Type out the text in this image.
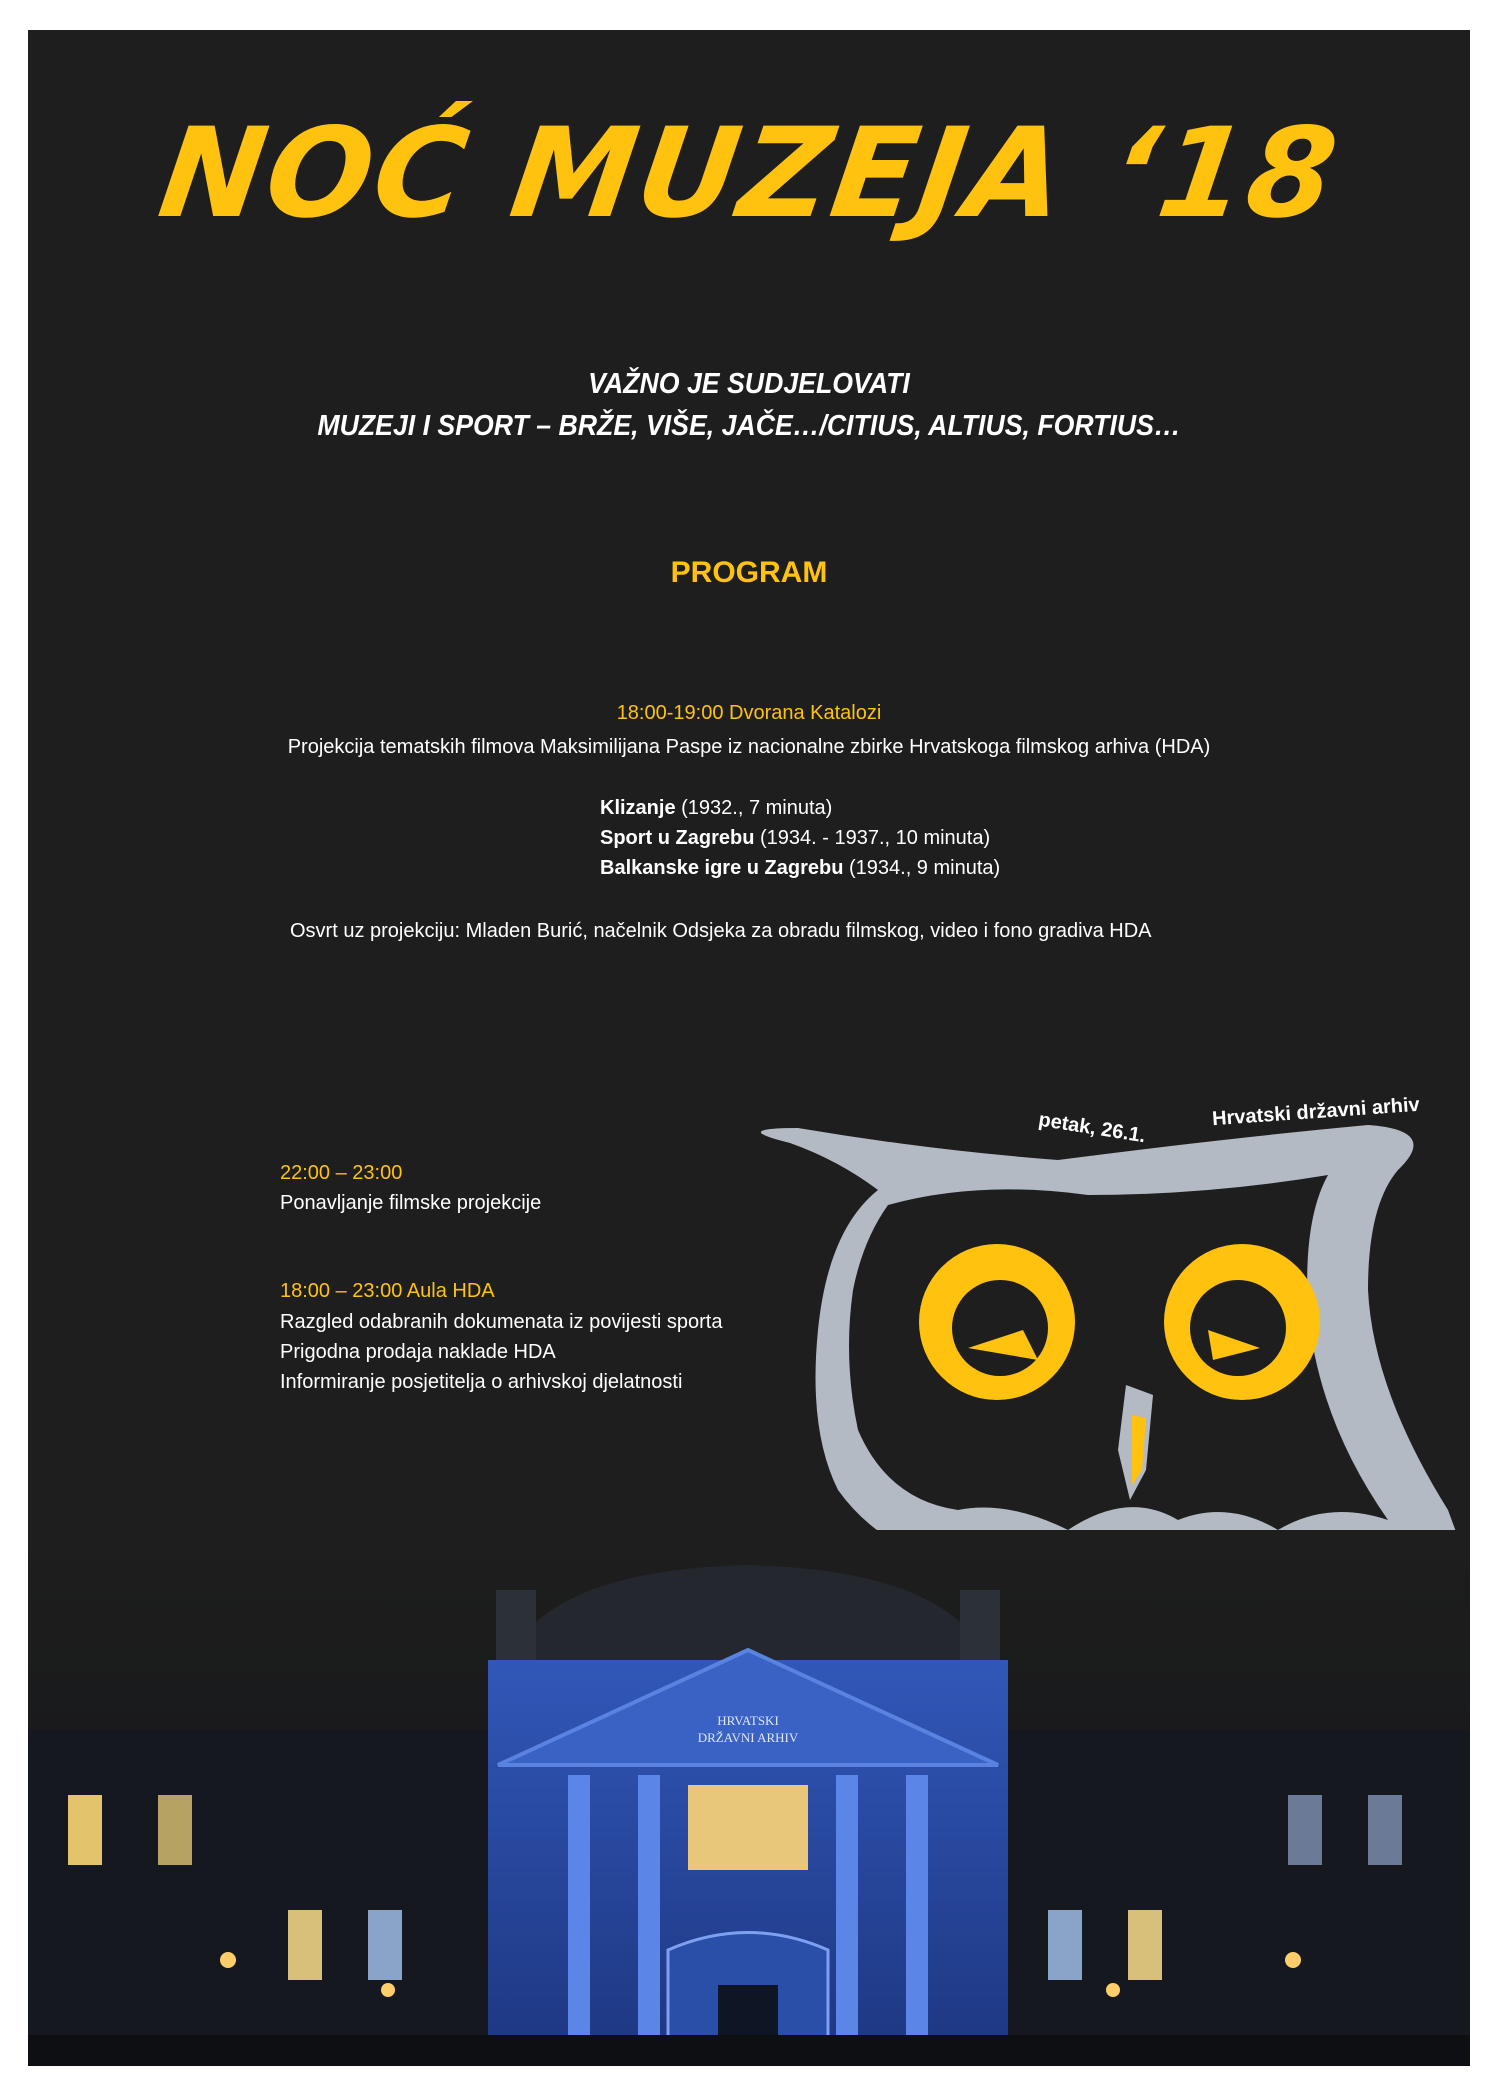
NOĆ MUZEJA ‘18

VAŽNO JE SUDJELOVATI

MUZEJI I SPORT – BRŽE, VIŠE, JAČE…/CITIUS, ALTIUS, FORTIUS…

PROGRAM

18:00-19:00 Dvorana Katalozi

Projekcija tematskih filmova Maksimilijana Paspe iz nacionalne zbirke Hrvatskoga filmskog arhiva (HDA)

Klizanje (1932., 7 minuta)

Sport u Zagrebu (1934. - 1937., 10 minuta)

Balkanske igre u Zagrebu (1934., 9 minuta)

Osvrt uz projekciju: Mladen Burić, načelnik Odsjeka za obradu filmskog, video i fono gradiva HDA

petak, 26.1.	Hrvatski državni arhiv

22:00 – 23:00

Ponavljanje filmske projekcije

18:00 – 23:00 Aula HDA

Razgled odabranih dokumenata iz povijesti sporta

Prigodna prodaja naklade HDA

Informiranje posjetitelja o arhivskoj djelatnosti

HRVATSKI
DRŽAVNI ARHIV
